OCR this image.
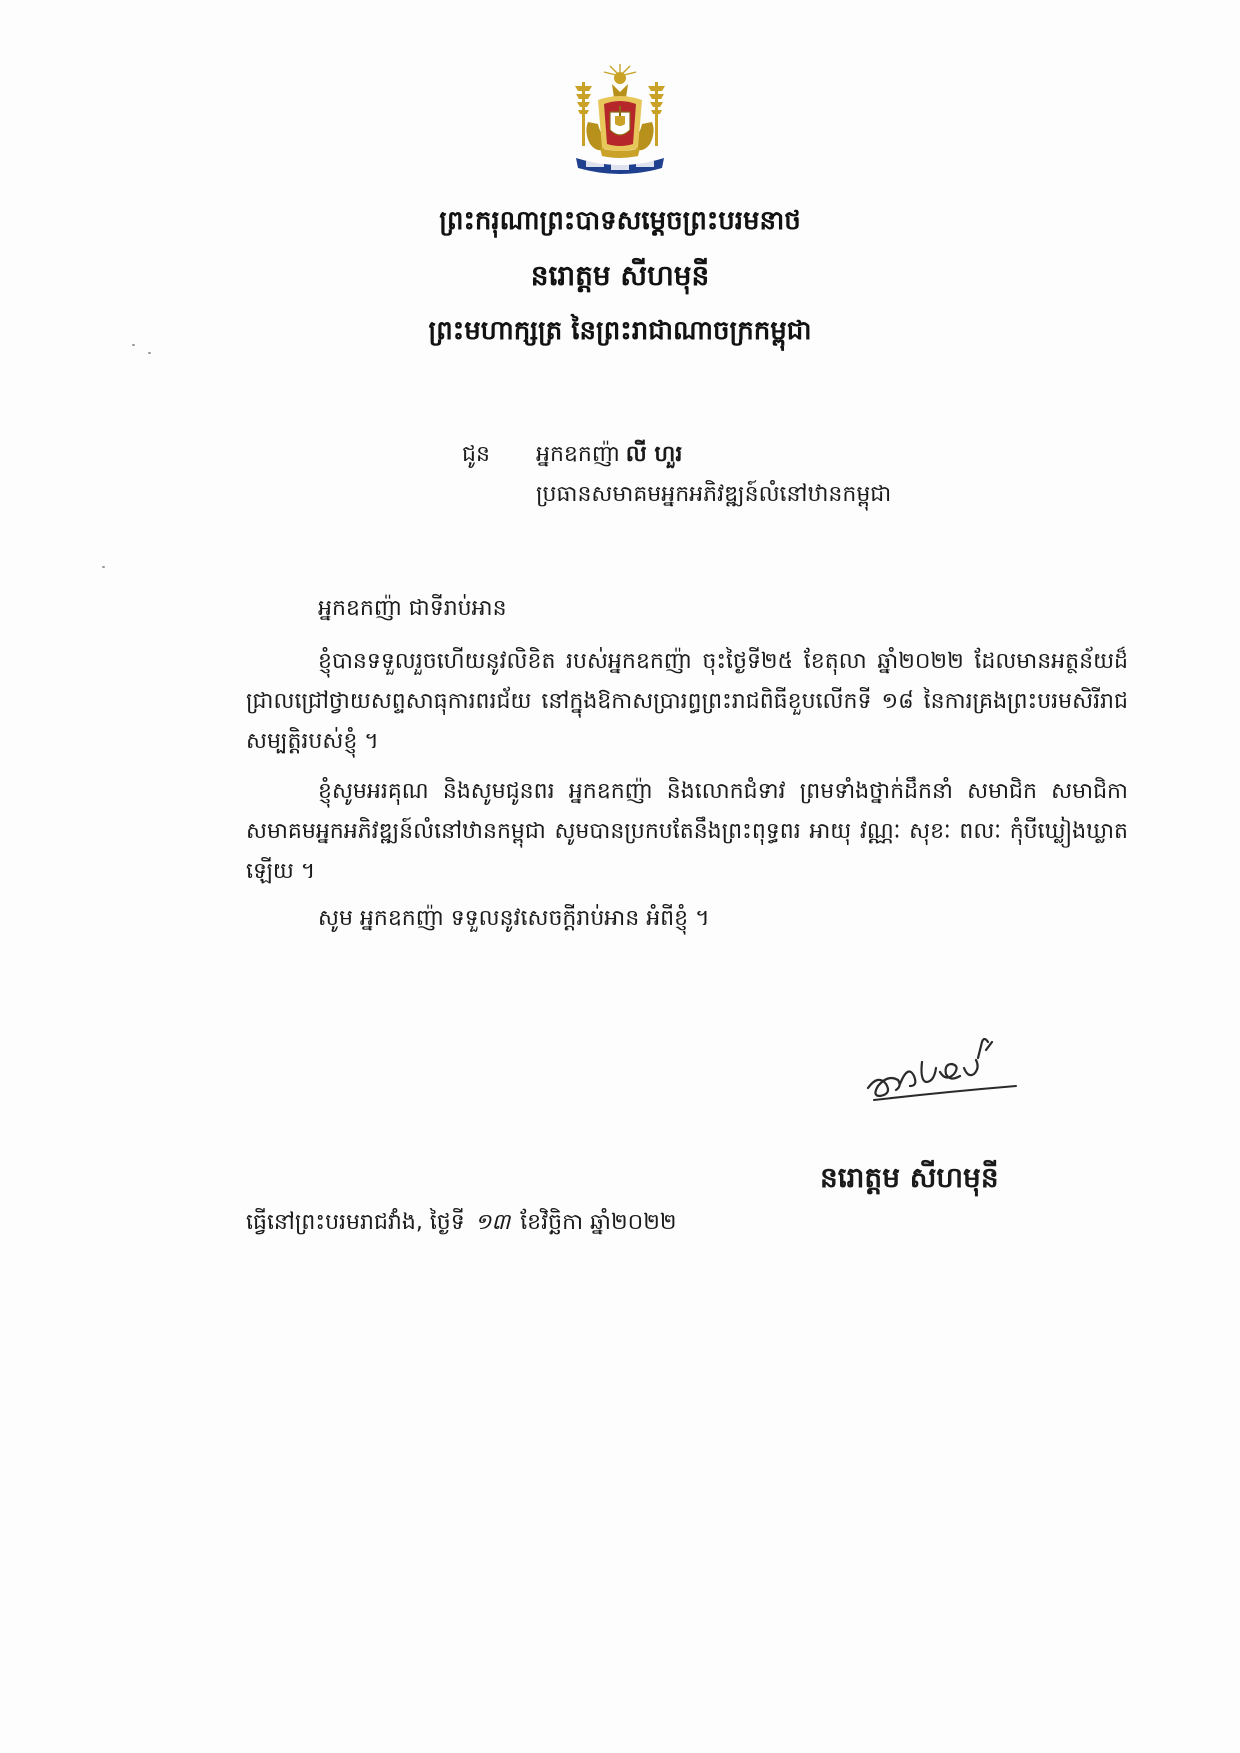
ព្រះករុណាព្រះបាទសម្តេចព្រះបរមនាថ
នរោត្តម សីហមុនី
ព្រះមហាក្សត្រ នៃព្រះរាជាណាចក្រកម្ពុជា
ជូន អ្នកឧកញ៉ា លី ហួរ
ប្រធានសមាគមអ្នកអភិវឌ្ឍន៍លំនៅឋានកម្ពុជា
អ្នកឧកញ៉ា ជាទីរាប់អាន
ខ្ញុំបានទទួលរួចហើយនូវលិខិត របស់អ្នកឧកញ៉ា ចុះថ្ងៃទី២៥ ខែតុលា ឆ្នាំ២០២២ ដែលមានអត្ថន័យដ៏ជ្រាលជ្រៅថ្វាយសព្ទសាធុការពរជ័យ នៅក្នុងឱកាសប្រារព្ធព្រះរាជពិធីខួបលើកទី ១៨ នៃការគ្រងព្រះបរមសិរីរាជសម្បត្តិរបស់ខ្ញុំ ។
ខ្ញុំសូមអរគុណ និងសូមជូនពរ អ្នកឧកញ៉ា និងលោកជំទាវ ព្រមទាំងថ្នាក់ដឹកនាំ សមាជិក សមាជិកា សមាគមអ្នកអភិវឌ្ឍន៍លំនៅឋានកម្ពុជា សូមបានប្រកបតែនឹងព្រះពុទ្ធពរ អាយុ វណ្ណៈ សុខៈ ពលៈ កុំបីឃ្លៀងឃ្លាតឡើយ ។
សូម អ្នកឧកញ៉ា ទទួលនូវសេចក្តីរាប់អាន អំពីខ្ញុំ ។
នរោត្តម សីហមុនី
ធ្វើនៅព្រះបរមរាជវាំង, ថ្ងៃទី ១៣ ខែវិច្ឆិកា ឆ្នាំ២០២២
